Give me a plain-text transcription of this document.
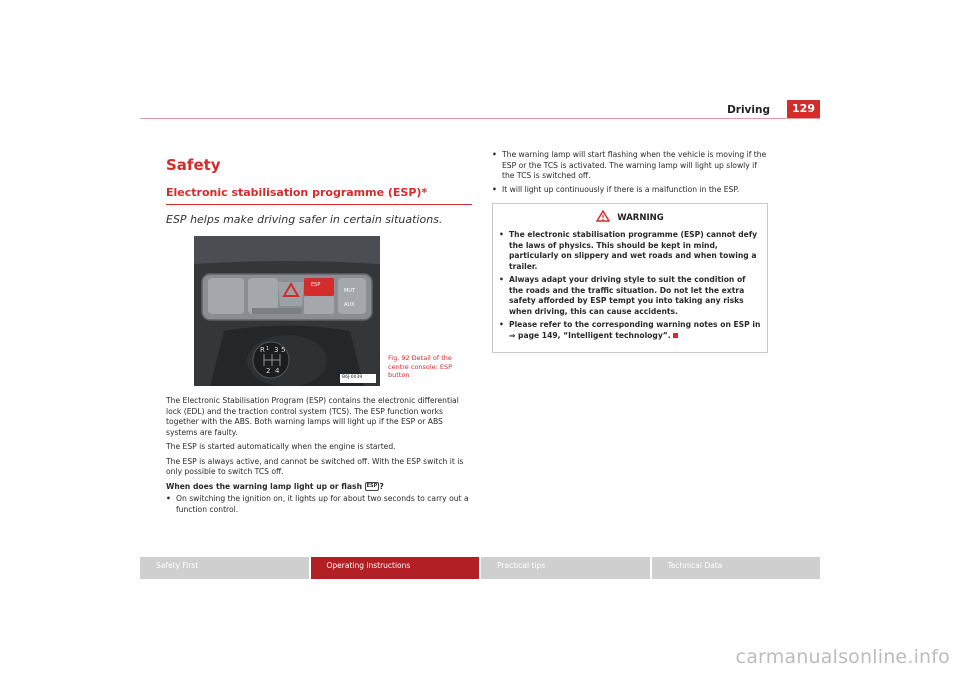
Driving	129
Safety
Electronic stabilisation programme (ESP)*
ESP helps make driving safer in certain situations.
ESP
MUT
AUX
R 1 3 5
2 4
B6J-0039
Fig. 92 Detail of the centre console: ESP button

The Electronic Stabilisation Program (ESP) contains the electronic differential lock (EDL) and the traction control system (TCS). The ESP function works together with the ABS. Both warning lamps will light up if the ESP or ABS systems are faulty.

The ESP is started automatically when the engine is started.

The ESP is always active, and cannot be switched off. With the ESP switch it is only possible to switch TCS off.

When does the warning lamp light up or flash ESP ?
• On switching the ignition on, it lights up for about two seconds to carry out a function control.
• The warning lamp will start flashing when the vehicle is moving if the ESP or the TCS is activated. The warning lamp will light up slowly if the TCS is switched off.
• It will light up continuously if there is a malfunction in the ESP.
WARNING
• The electronic stabilisation programme (ESP) cannot defy the laws of physics. This should be kept in mind, particularly on slippery and wet roads and when towing a trailer.
• Always adapt your driving style to suit the condition of the roads and the traffic situation. Do not let the extra safety afforded by ESP tempt you into taking any risks when driving, this can cause accidents.
• Please refer to the corresponding warning notes on ESP in ⇒ page 149, “Intelligent technology”.
Safety First	Operating instructions	Practical tips	Technical Data
carmanualsonline.info
